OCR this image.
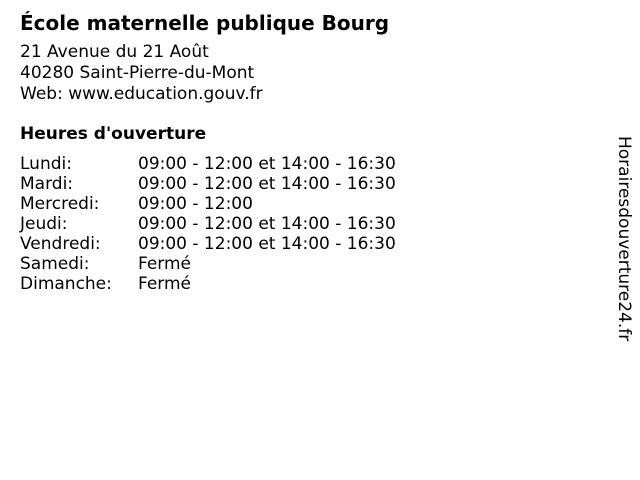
École maternelle publique Bourg
21 Avenue du 21 Août
40280 Saint-Pierre-du-Mont
Web: www.education.gouv.fr
Heures d'ouverture
Lundi:	09:00 - 12:00 et 14:00 - 16:30
Mardi:	09:00 - 12:00 et 14:00 - 16:30
Mercredi:	09:00 - 12:00
Jeudi:	09:00 - 12:00 et 14:00 - 16:30
Vendredi:	09:00 - 12:00 et 14:00 - 16:30
Samedi:	Fermé
Dimanche:	Fermé	Horairesdouverture24.fr
